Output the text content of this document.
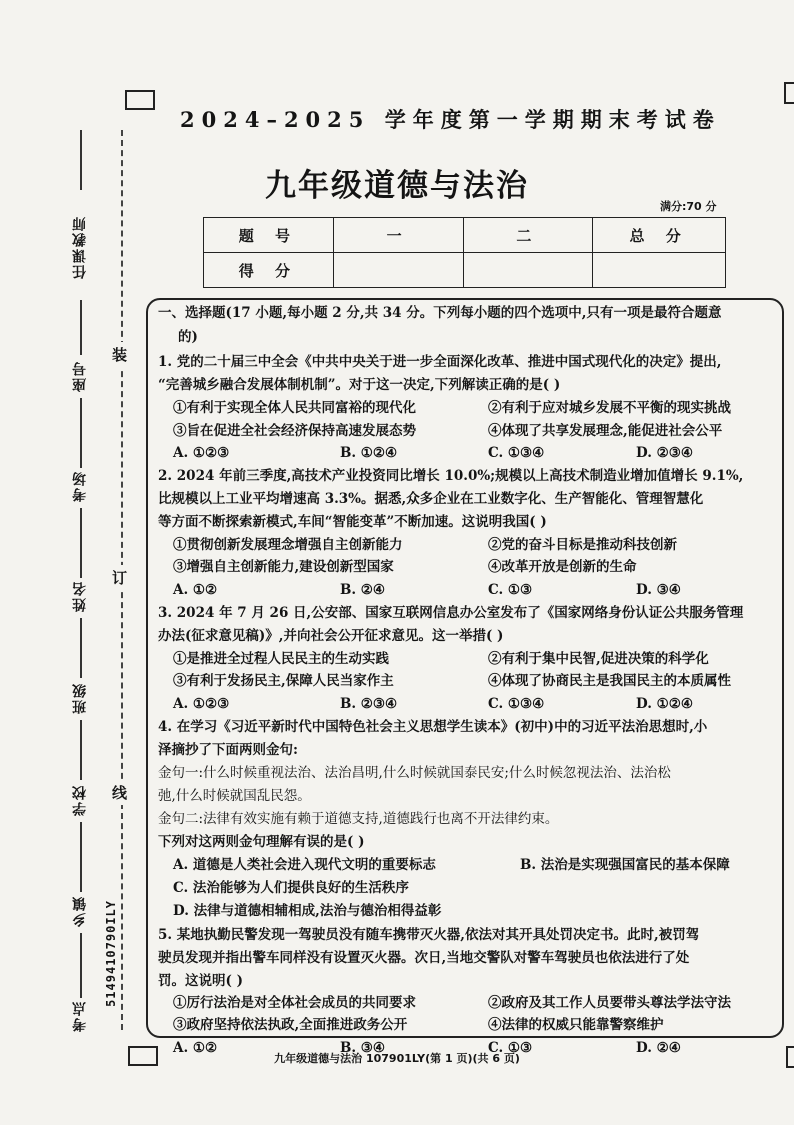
任课教师
座号
考场
姓名
班级
学校
乡镇
考点
装
订
线
5149410790ILY
2024–2025 学年度第一学期期末考试卷
九年级道德与法治
满分:70 分
题 号	一	二	总 分
得 分			
一、选择题(17 小题,每小题 2 分,共 34 分。下列每小题的四个选项中,只有一项是最符合题意
的)
1. 党的二十届三中全会《中共中央关于进一步全面深化改革、推进中国式现代化的决定》提出,
“完善城乡融合发展体制机制”。对于这一决定,下列解读正确的是( )
①有利于实现全体人民共同富裕的现代化	②有利于应对城乡发展不平衡的现实挑战
③旨在促进全社会经济保持高速发展态势	④体现了共享发展理念,能促进社会公平
A. ①②③	B. ①②④	C. ①③④	D. ②③④
2. 2024 年前三季度,高技术产业投资同比增长 10.0%;规模以上高技术制造业增加值增长 9.1%,
比规模以上工业平均增速高 3.3%。据悉,众多企业在工业数字化、生产智能化、管理智慧化
等方面不断探索新模式,车间“智能变革”不断加速。这说明我国( )
①贯彻创新发展理念增强自主创新能力	②党的奋斗目标是推动科技创新
③增强自主创新能力,建设创新型国家	④改革开放是创新的生命
A. ①②	B. ②④	C. ①③	D. ③④
3. 2024 年 7 月 26 日,公安部、国家互联网信息办公室发布了《国家网络身份认证公共服务管理
办法(征求意见稿)》,并向社会公开征求意见。这一举措( )
①是推进全过程人民民主的生动实践	②有利于集中民智,促进决策的科学化
③有利于发扬民主,保障人民当家作主	④体现了协商民主是我国民主的本质属性
A. ①②③	B. ②③④	C. ①③④	D. ①②④
4. 在学习《习近平新时代中国特色社会主义思想学生读本》(初中)中的习近平法治思想时,小
泽摘抄了下面两则金句:
金句一:什么时候重视法治、法治昌明,什么时候就国泰民安;什么时候忽视法治、法治松
弛,什么时候就国乱民怨。
金句二:法律有效实施有赖于道德支持,道德践行也离不开法律约束。
下列对这两则金句理解有误的是( )
A. 道德是人类社会进入现代文明的重要标志	B. 法治是实现强国富民的基本保障
C. 法治能够为人们提供良好的生活秩序
D. 法律与道德相辅相成,法治与德治相得益彰
5. 某地执勤民警发现一驾驶员没有随车携带灭火器,依法对其开具处罚决定书。此时,被罚驾
驶员发现并指出警车同样没有设置灭火器。次日,当地交警队对警车驾驶员也依法进行了处
罚。这说明( )
①厉行法治是对全体社会成员的共同要求	②政府及其工作人员要带头尊法学法守法
③政府坚持依法执政,全面推进政务公开	④法律的权威只能靠警察维护
A. ①②	B. ③④	C. ①③	D. ②④
九年级道德与法治 107901LY(第 1 页)(共 6 页)
